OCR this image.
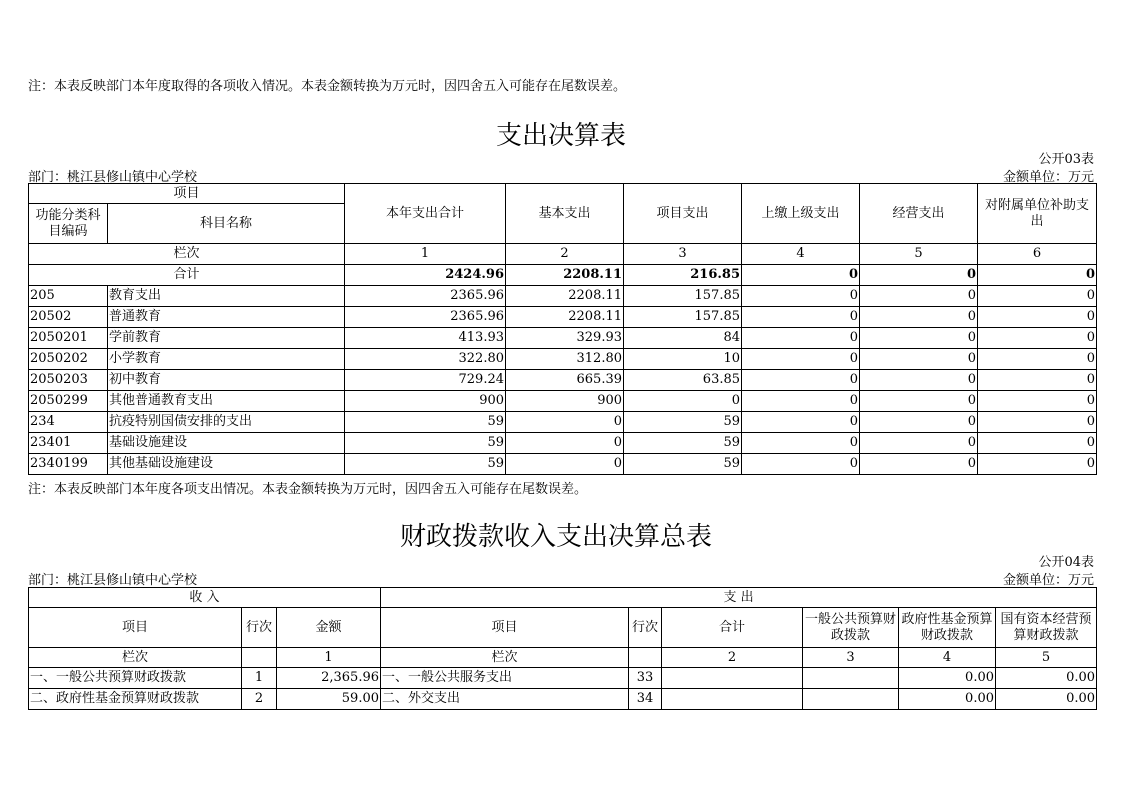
注：本表反映部门本年度取得的各项收入情况。本表金额转换为万元时，因四舍五入可能存在尾数误差。
支出决算表
公开03表
部门：桃江县修山镇中心学校	金额单位：万元
项目		本年支出合计	基本支出	项目支出	上缴上级支出	经营支出	对附属单位补助支出
功能分类科目编码	科目名称						
栏次		1	2	3	4	5	6
合计		2424.96	2208.11	216.85	0	0	0
205	教育支出	2365.96	2208.11	157.85	0	0	0
20502	普通教育	2365.96	2208.11	157.85	0	0	0
2050201	学前教育	413.93	329.93	84	0	0	0
2050202	小学教育	322.80	312.80	10	0	0	0
2050203	初中教育	729.24	665.39	63.85	0	0	0
2050299	其他普通教育支出	900	900	0	0	0	0
234	抗疫特别国债安排的支出	59	0	59	0	0	0
23401	基础设施建设	59	0	59	0	0	0
2340199	其他基础设施建设	59	0	59	0	0	0
注：本表反映部门本年度各项支出情况。本表金额转换为万元时，因四舍五入可能存在尾数误差。
财政拨款收入支出决算总表
公开04表
部门：桃江县修山镇中心学校	金额单位：万元
收 入			支 出					
项目	行次	金额	项目	行次	合计	一般公共预算财政拨款	政府性基金预算财政拨款	国有资本经营预算财政拨款
栏次		1	栏次		2	3	4	5
一、一般公共预算财政拨款	1	2,365.96	一、一般公共服务支出	33			0.00	0.00
二、政府性基金预算财政拨款	2	59.00	二、外交支出	34			0.00	0.00
